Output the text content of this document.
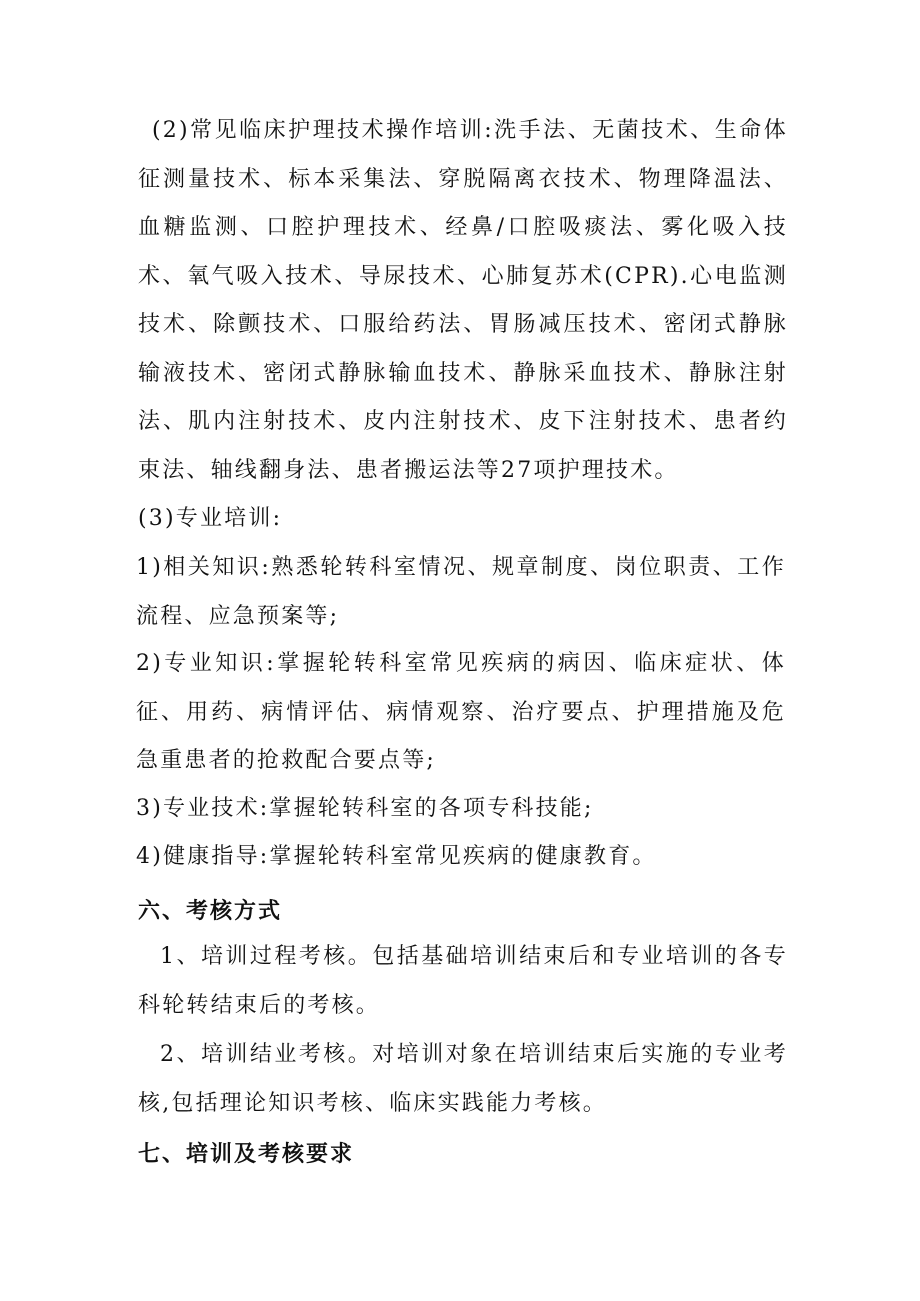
(2)常见临床护理技术操作培训:洗手法、无菌技术、生命体征测量技术、标本采集法、穿脱隔离衣技术、物理降温法、血糖监测、口腔护理技术、经鼻/口腔吸痰法、雾化吸入技术、氧气吸入技术、导尿技术、心肺复苏术(CPR).心电监测技术、除颤技术、口服给药法、胃肠减压技术、密闭式静脉输液技术、密闭式静脉输血技术、静脉采血技术、静脉注射法、肌内注射技术、皮内注射技术、皮下注射技术、患者约束法、轴线翻身法、患者搬运法等27项护理技术。

(3)专业培训:

1)相关知识:熟悉轮转科室情况、规章制度、岗位职责、工作流程、应急预案等;

2)专业知识:掌握轮转科室常见疾病的病因、临床症状、体征、用药、病情评估、病情观察、治疗要点、护理措施及危急重患者的抢救配合要点等;

3)专业技术:掌握轮转科室的各项专科技能;

4)健康指导:掌握轮转科室常见疾病的健康教育。

六、考核方式

1、培训过程考核。包括基础培训结束后和专业培训的各专科轮转结束后的考核。

2、培训结业考核。对培训对象在培训结束后实施的专业考核,包括理论知识考核、临床实践能力考核。

七、培训及考核要求
